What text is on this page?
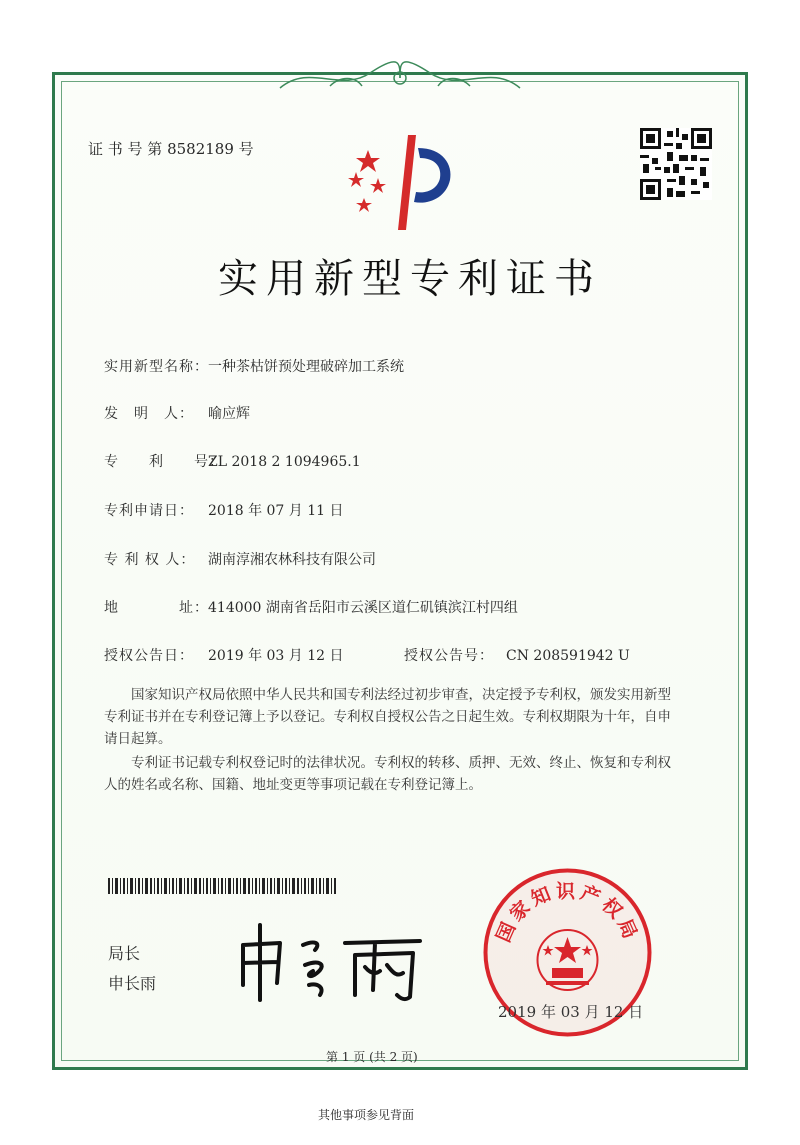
证 书 号 第 8582189 号
实用新型专利证书
实用新型名称： 一种茶枯饼预处理破碎加工系统
发　明　人： 喻应辉
专　　利　　号：
ZL 2018 2 1094965.1
专利申请日： 2018 年 07 月 11 日
专 利 权 人： 湖南淳湘农林科技有限公司
地　　　　址： 414000 湖南省岳阳市云溪区道仁矶镇滨江村四组
授权公告日： 2019 年 03 月 12 日	授权公告号： CN 208591942 U
国家知识产权局依照中华人民共和国专利法经过初步审查，决定授予专利权，颁发实用新型专利证书并在专利登记簿上予以登记。专利权自授权公告之日起生效。专利权期限为十年，自申请日起算。
专利证书记载专利权登记时的法律状况。专利权的转移、质押、无效、终止、恢复和专利权人的姓名或名称、国籍、地址变更等事项记载在专利登记簿上。
局长
申长雨
国家知识产权局
2019 年 03 月 12 日
第 1 页 (共 2 页)
其他事项参见背面
